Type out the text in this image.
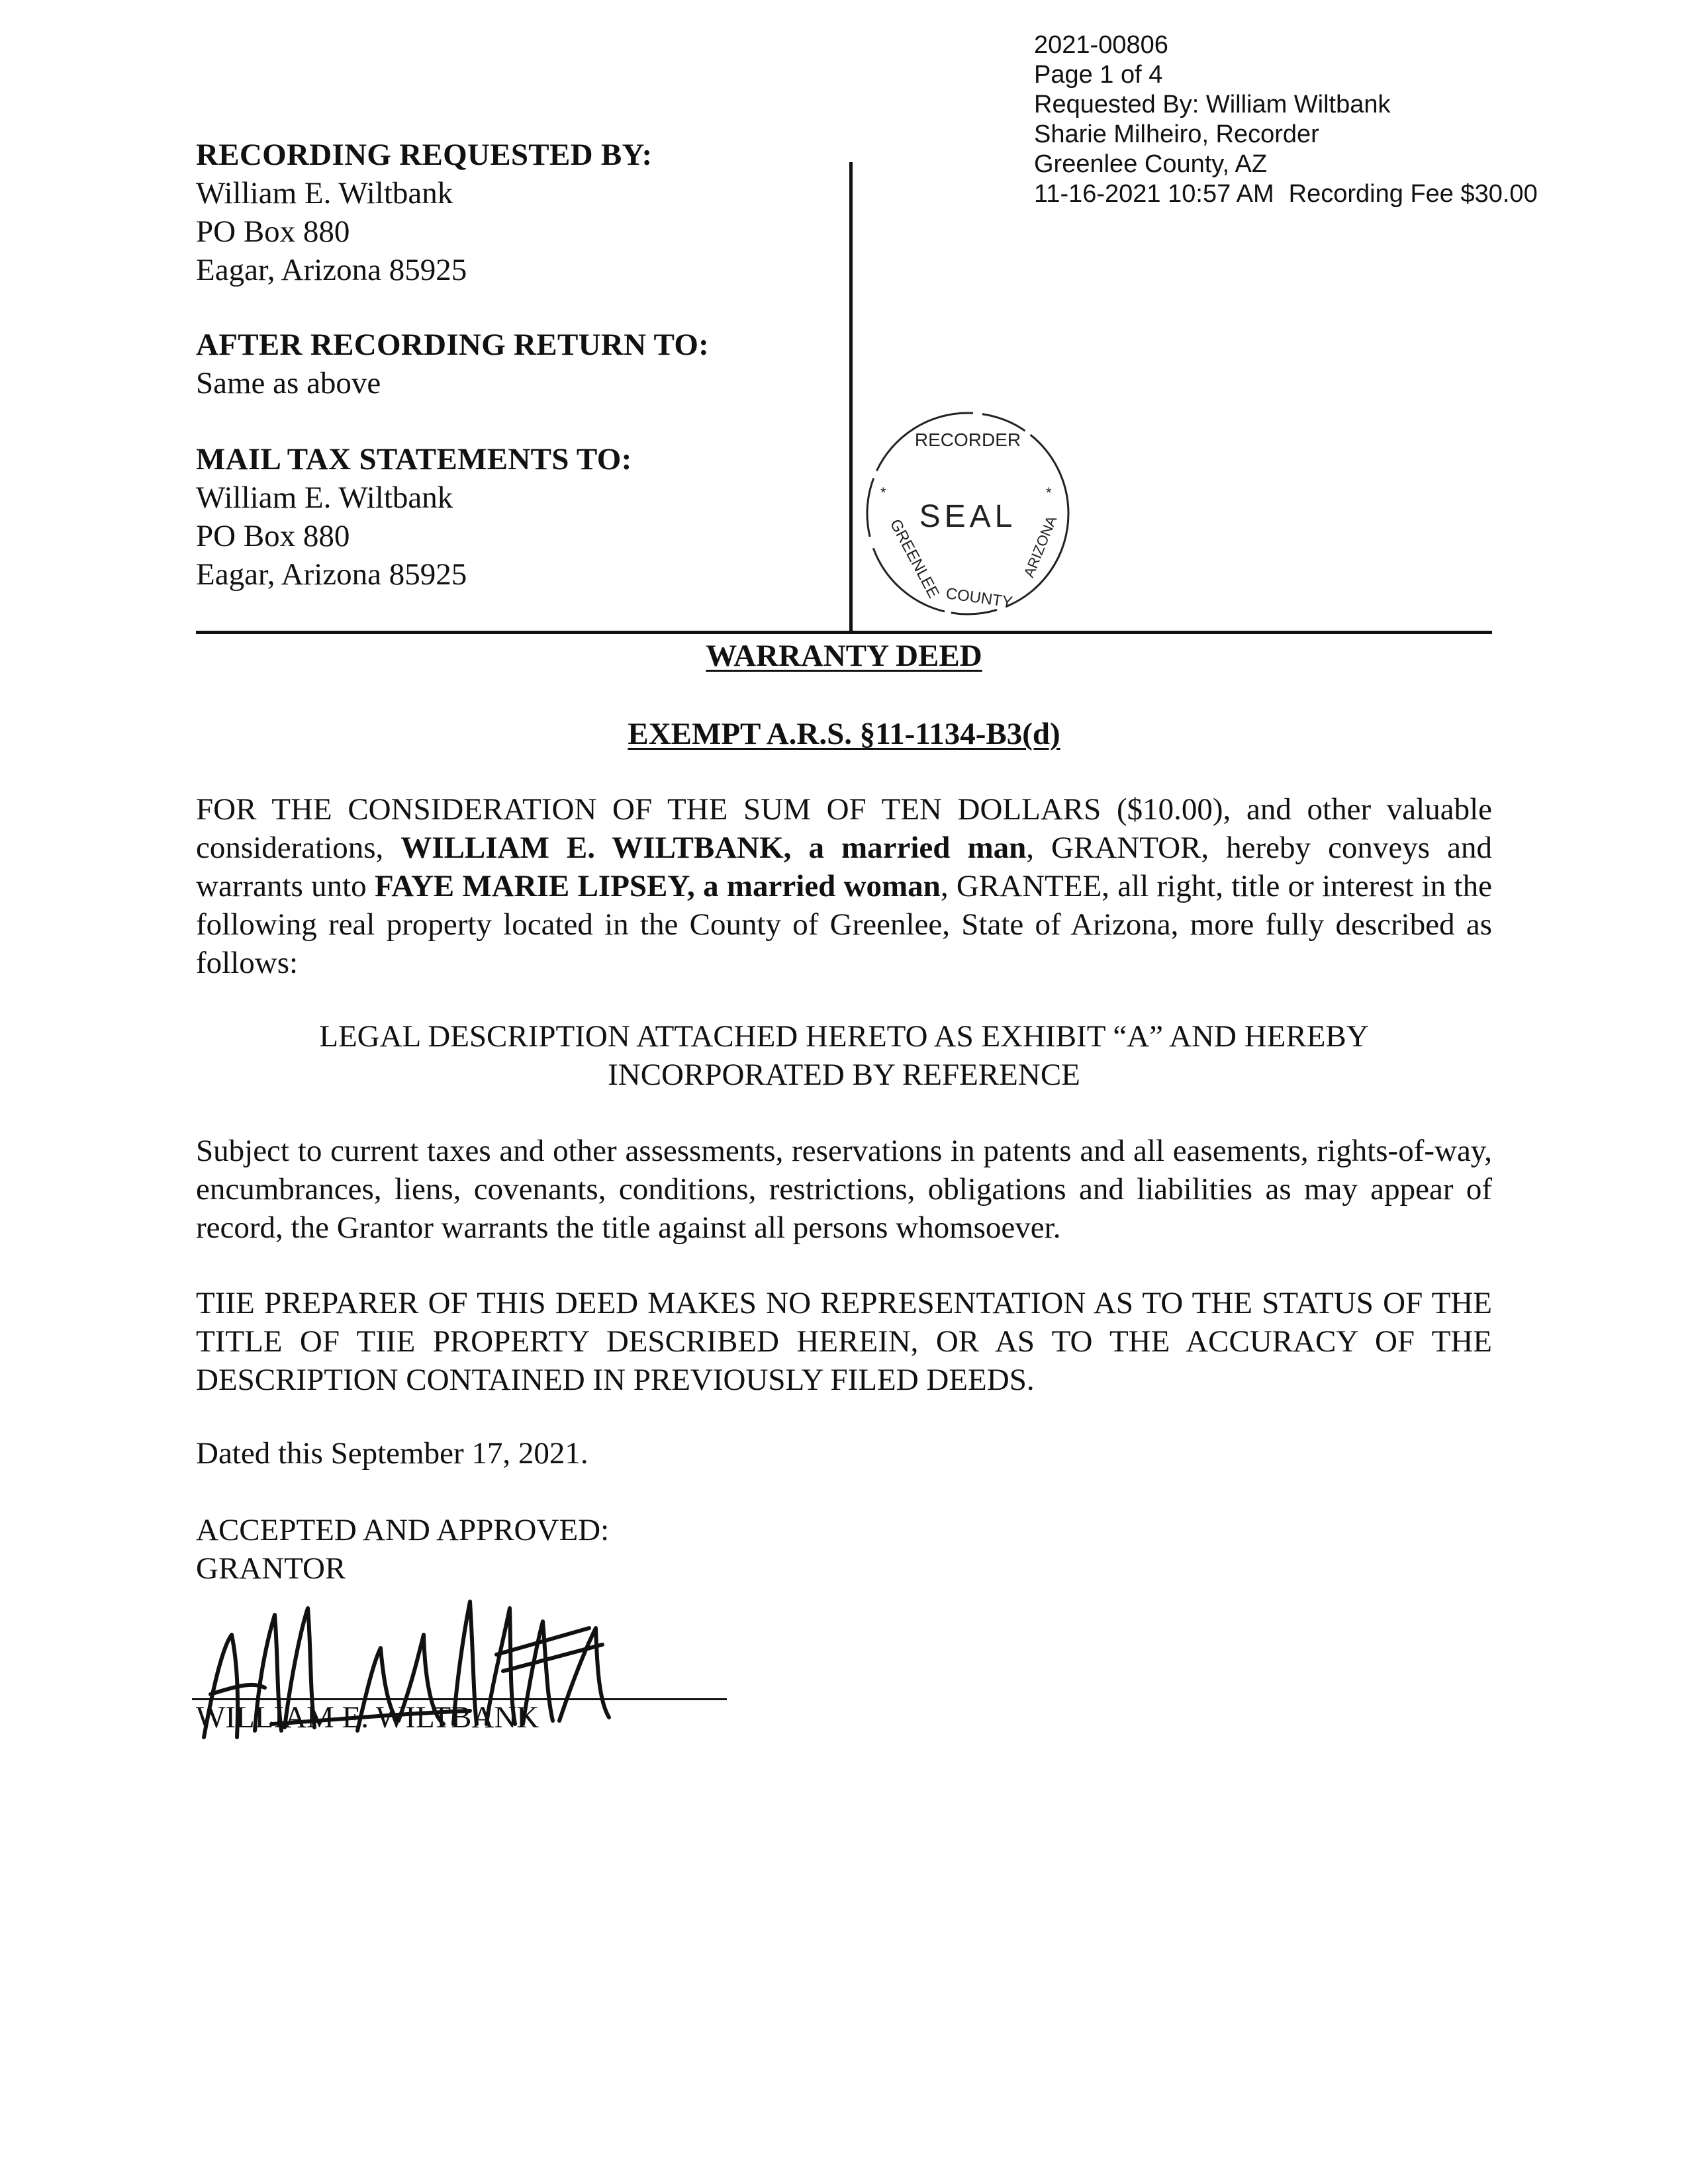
2021-00806
Page 1 of 4
Requested By: William Wiltbank
Sharie Milheiro, Recorder
Greenlee County, AZ
11-16-2021 10:57 AM Recording Fee $30.00
RECORDING REQUESTED BY:
William E. Wiltbank
PO Box 880
Eagar, Arizona 85925
AFTER RECORDING RETURN TO:
Same as above
MAIL TAX STATEMENTS TO:
William E. Wiltbank
PO Box 880
Eagar, Arizona 85925
RECORDER
SEAL
GREENLEE COUNTY
ARIZONA
*	*
WARRANTY DEED
EXEMPT A.R.S. §11-1134-B3(d)
FOR THE CONSIDERATION OF THE SUM OF TEN DOLLARS ($10.00), and other valuable considerations, WILLIAM E. WILTBANK, a married man, GRANTOR, hereby conveys and warrants unto FAYE MARIE LIPSEY, a married woman, GRANTEE, all right, title or interest in the following real property located in the County of Greenlee, State of Arizona, more fully described as follows:
LEGAL DESCRIPTION ATTACHED HERETO AS EXHIBIT “A” AND HEREBY
INCORPORATED BY REFERENCE
Subject to current taxes and other assessments, reservations in patents and all easements, rights-of-way, encumbrances, liens, covenants, conditions, restrictions, obligations and liabilities as may appear of record, the Grantor warrants the title against all persons whomsoever.
TIIE PREPARER OF THIS DEED MAKES NO REPRESENTATION AS TO THE STATUS OF THE TITLE OF TIIE PROPERTY DESCRIBED HEREIN, OR AS TO THE ACCURACY OF THE DESCRIPTION CONTAINED IN PREVIOUSLY FILED DEEDS.
Dated this September 17, 2021.
ACCEPTED AND APPROVED:
GRANTOR
WILLIAM E. WILTBANK
